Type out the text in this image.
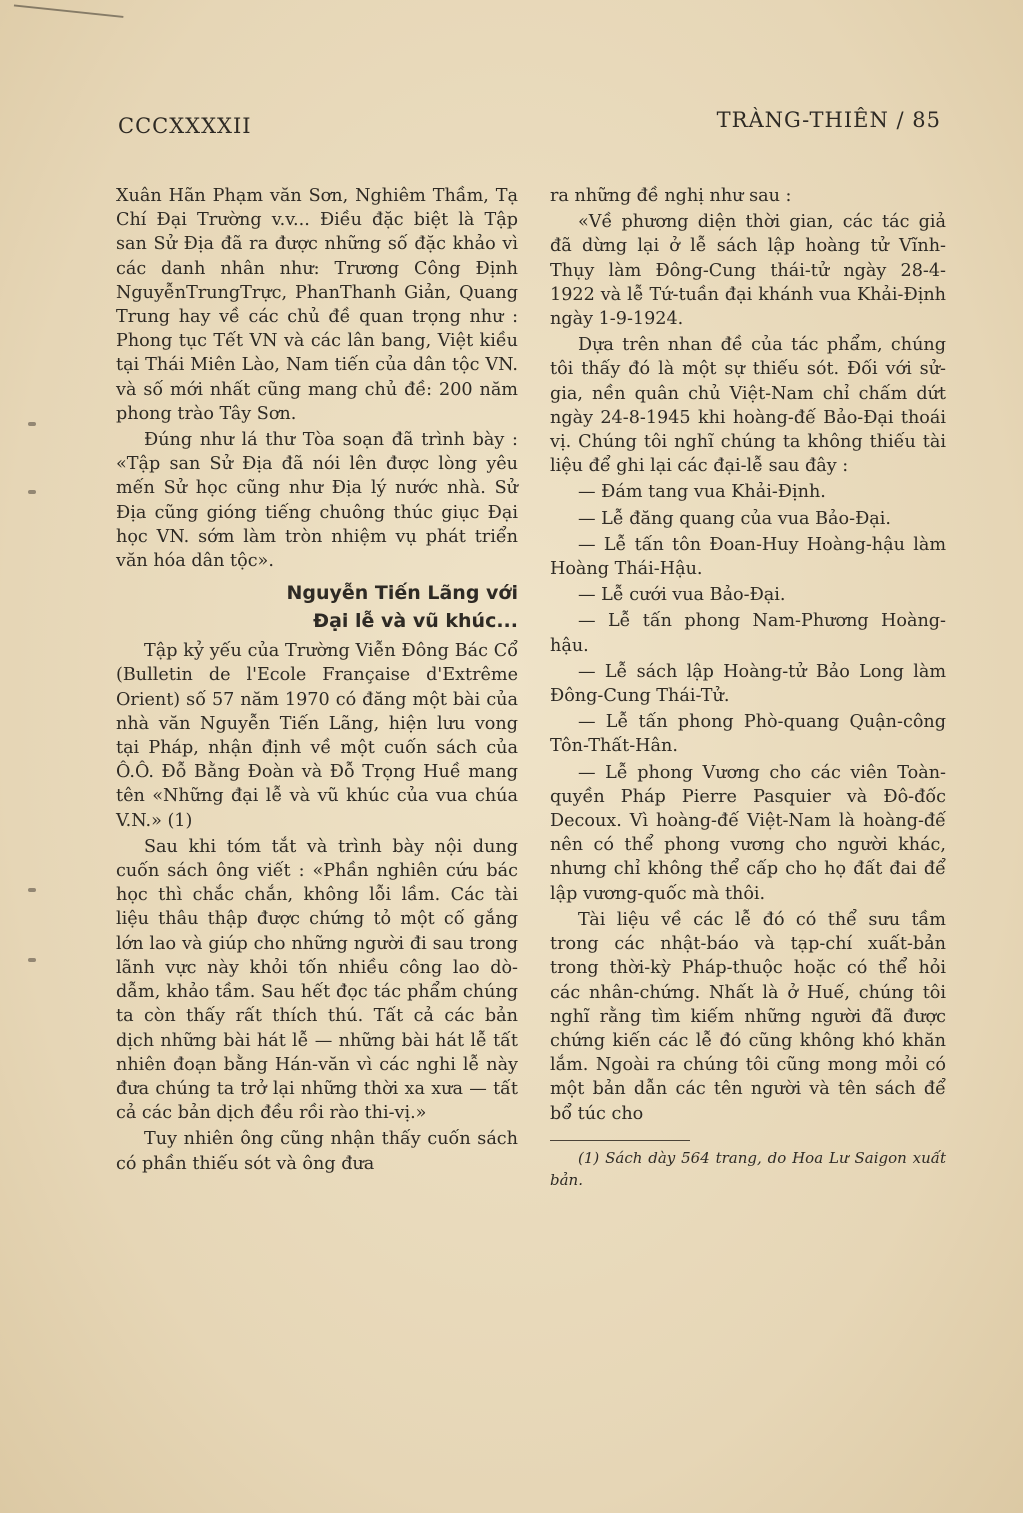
CCCXXXXII	TRÀNG-THIÊN / 85

Xuân Hãn Phạm văn Sơn, Nghiêm Thầm, Tạ Chí Đại Trường v.v... Điều đặc biệt là Tập san Sử Địa đã ra được những số đặc khảo vì các danh nhân như: Trương Công Định NguyễnTrungTrực, PhanThanh Giản, Quang Trung hay về các chủ đề quan trọng như : Phong tục Tết VN và các lân bang, Việt kiều tại Thái Miên Lào, Nam tiến của dân tộc VN. và số mới nhất cũng mang chủ đề: 200 năm phong trào Tây Sơn.

Đúng như lá thư Tòa soạn đã trình bày : «Tập san Sử Địa đã nói lên được lòng yêu mến Sử học cũng như Địa lý nước nhà. Sử Địa cũng gióng tiếng chuông thúc giục Đại học VN. sớm làm tròn nhiệm vụ phát triển văn hóa dân tộc».

Nguyễn Tiến Lãng với
Đại lễ và vũ khúc...

Tập kỷ yếu của Trường Viễn Đông Bác Cổ (Bulletin de l'Ecole Française d'Extrême Orient) số 57 năm 1970 có đăng một bài của nhà văn Nguyễn Tiến Lãng, hiện lưu vong tại Pháp, nhận định về một cuốn sách của Ô.Ô. Đỗ Bằng Đoàn và Đỗ Trọng Huề mang tên «Những đại lễ và vũ khúc của vua chúa V.N.» (1)

Sau khi tóm tắt và trình bày nội dung cuốn sách ông viết : «Phần nghiên cứu bác học thì chắc chắn, không lỗi lầm. Các tài liệu thâu thập được chứng tỏ một cố gắng lớn lao và giúp cho những người đi sau trong lãnh vực này khỏi tốn nhiều công lao dò-dẫm, khảo tầm. Sau hết đọc tác phẩm chúng ta còn thấy rất thích thú. Tất cả các bản dịch những bài hát lễ — những bài hát lễ tất nhiên đoạn bằng Hán-văn vì các nghi lễ này đưa chúng ta trở lại những thời xa xưa — tất cả các bản dịch đều rồi rào thi-vị.»

Tuy nhiên ông cũng nhận thấy cuốn sách có phần thiếu sót và ông đưa

ra những đề nghị như sau :

«Về phương diện thời gian, các tác giả đã dừng lại ở lễ sách lập hoàng tử Vĩnh-Thụy làm Đông-Cung thái-tử ngày 28-4-1922 và lễ Tứ-tuần đại khánh vua Khải-Định ngày 1-9-1924.

Dựa trên nhan đề của tác phẩm, chúng tôi thấy đó là một sự thiếu sót. Đối với sử-gia, nền quân chủ Việt-Nam chỉ chấm dứt ngày 24-8-1945 khi hoàng-đế Bảo-Đại thoái vị. Chúng tôi nghĩ chúng ta không thiếu tài liệu để ghi lại các đại-lễ sau đây :

— Đám tang vua Khải-Định.

— Lễ đăng quang của vua Bảo-Đại.

— Lễ tấn tôn Đoan-Huy Hoàng-hậu làm Hoàng Thái-Hậu.

— Lễ cưới vua Bảo-Đại.

— Lễ tấn phong Nam-Phương Hoàng-hậu.

— Lễ sách lập Hoàng-tử Bảo Long làm Đông-Cung Thái-Tử.

— Lễ tấn phong Phò-quang Quận-công Tôn-Thất-Hân.

— Lễ phong Vương cho các viên Toàn-quyền Pháp Pierre Pasquier và Đô-đốc Decoux. Vì hoàng-đế Việt-Nam là hoàng-đế nên có thể phong vương cho người khác, nhưng chỉ không thể cấp cho họ đất đai để lập vương-quốc mà thôi.

Tài liệu về các lễ đó có thể sưu tầm trong các nhật-báo và tạp-chí xuất-bản trong thời-kỳ Pháp-thuộc hoặc có thể hỏi các nhân-chứng. Nhất là ở Huế, chúng tôi nghĩ rằng tìm kiếm những người đã được chứng kiến các lễ đó cũng không khó khăn lắm. Ngoài ra chúng tôi cũng mong mỏi có một bản dẫn các tên người và tên sách để bổ túc cho

(1) Sách dày 564 trang, do Hoa Lư Saigon xuất bản.
